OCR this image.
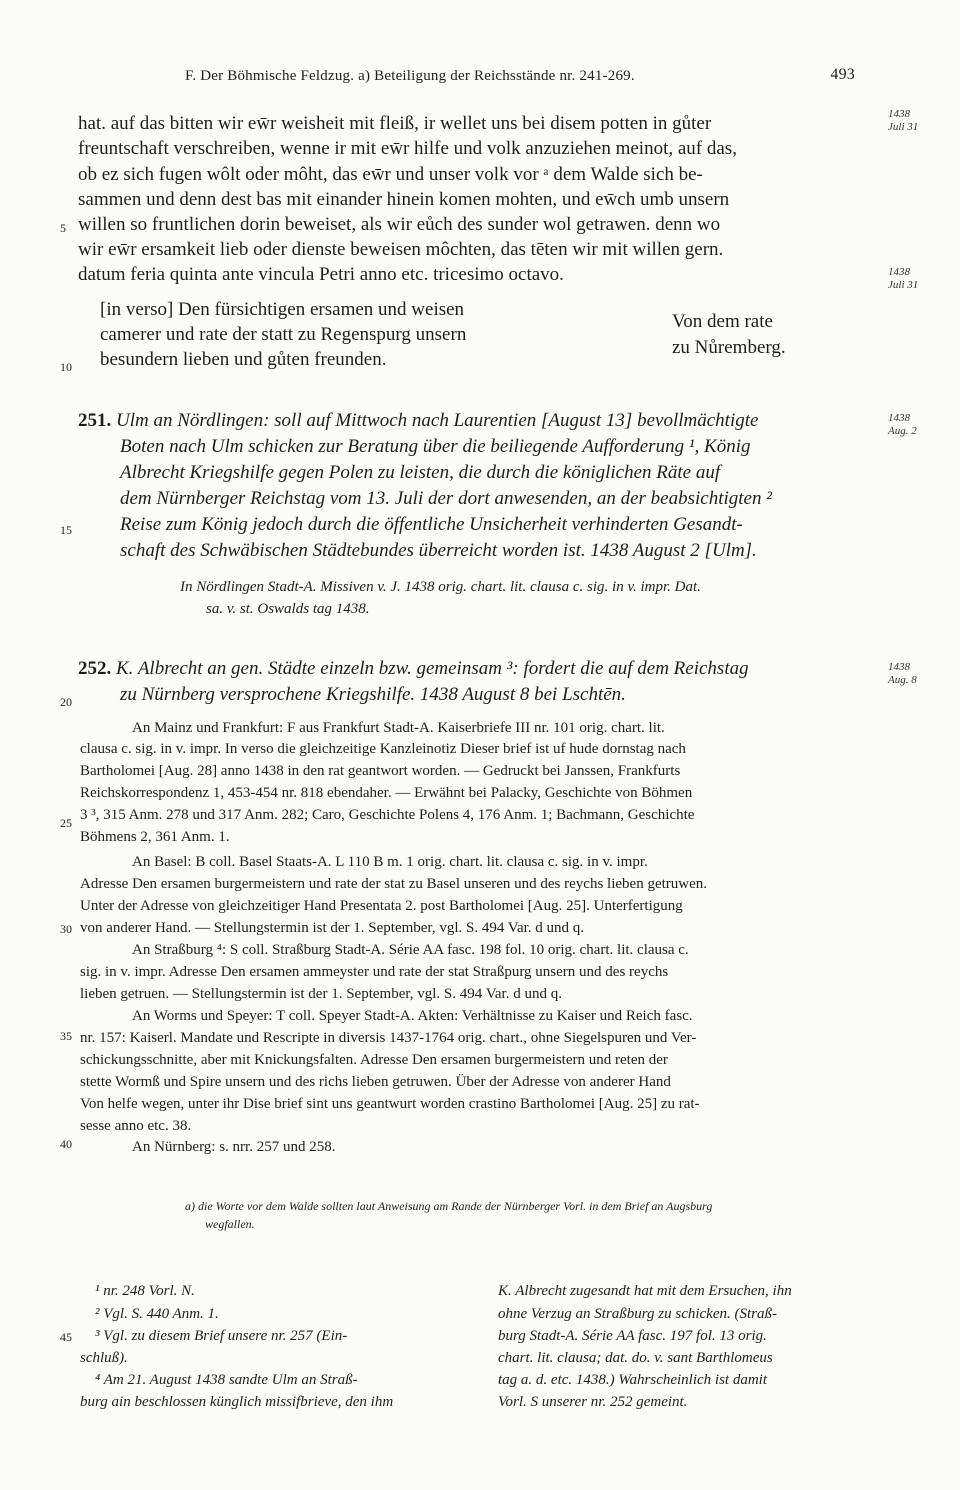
F. Der Böhmische Feldzug. a) Beteiligung der Reichsstände nr. 241-269.	493
hat. auf das bitten wir ew̄r weisheit mit fleiß, ir wellet uns bei disem potten in gůter
freuntschaft verschreiben, wenne ir mit ew̄r hilfe und volk anzuziehen meinot, auf das,
ob ez sich fugen wôlt oder môht, das ew̄r und unser volk vor ᵃ dem Walde sich be-
sammen und denn dest bas mit einander hinein komen mohten, und ew̄ch umb unsern
willen so fruntlichen dorin beweiset, als wir eůch des sunder wol getrawen. denn wo
wir ew̄r ersamkeit lieb oder dienste beweisen môchten, das tēten wir mit willen gern.
datum feria quinta ante vincula Petri anno etc. tricesimo octavo.
[in verso] Den fürsichtigen ersamen und weisen
camerer und rate der statt zu Regenspurg unsern
besundern lieben und gůten freunden.
Von dem rate
zu Nůremberg.
5
10
15
20
25
30
35
40
45
1438
Juli 31
1438
Juli 31
1438
Aug. 2
1438
Aug. 8
251. Ulm an Nördlingen: soll auf Mittwoch nach Laurentien [August 13] bevollmächtigte
Boten nach Ulm schicken zur Beratung über die beiliegende Aufforderung ¹, König
Albrecht Kriegshilfe gegen Polen zu leisten, die durch die königlichen Räte auf
dem Nürnberger Reichstag vom 13. Juli der dort anwesenden, an der beabsichtigten ²
Reise zum König jedoch durch die öffentliche Unsicherheit verhinderten Gesandt-
schaft des Schwäbischen Städtebundes überreicht worden ist. 1438 August 2 [Ulm].
In Nördlingen Stadt-A. Missiven v. J. 1438 orig. chart. lit. clausa c. sig. in v. impr. Dat.
sa. v. st. Oswalds tag 1438.
252. K. Albrecht an gen. Städte einzeln bzw. gemeinsam ³: fordert die auf dem Reichstag
zu Nürnberg versprochene Kriegshilfe. 1438 August 8 bei Lschtēn.
An Mainz und Frankfurt: F aus Frankfurt Stadt-A. Kaiserbriefe III nr. 101 orig. chart. lit.
clausa c. sig. in v. impr. In verso die gleichzeitige Kanzleinotiz Dieser brief ist uf hude dornstag nach
Bartholomei [Aug. 28] anno 1438 in den rat geantwort worden. — Gedruckt bei Janssen, Frankfurts
Reichskorrespondenz 1, 453-454 nr. 818 ebendaher. — Erwähnt bei Palacky, Geschichte von Böhmen
3 ³, 315 Anm. 278 und 317 Anm. 282; Caro, Geschichte Polens 4, 176 Anm. 1; Bachmann, Geschichte
Böhmens 2, 361 Anm. 1.
An Basel: B coll. Basel Staats-A. L 110 B m. 1 orig. chart. lit. clausa c. sig. in v. impr.
Adresse Den ersamen burgermeistern und rate der stat zu Basel unseren und des reychs lieben getruwen.
Unter der Adresse von gleichzeitiger Hand Presentata 2. post Bartholomei [Aug. 25]. Unterfertigung
von anderer Hand. — Stellungstermin ist der 1. September, vgl. S. 494 Var. d und q.
An Straßburg ⁴: S coll. Straßburg Stadt-A. Série AA fasc. 198 fol. 10 orig. chart. lit. clausa c.
sig. in v. impr. Adresse Den ersamen ammeyster und rate der stat Straßpurg unsern und des reychs
lieben getruen. — Stellungstermin ist der 1. September, vgl. S. 494 Var. d und q.
An Worms und Speyer: T coll. Speyer Stadt-A. Akten: Verhältnisse zu Kaiser und Reich fasc.
nr. 157: Kaiserl. Mandate und Rescripte in diversis 1437-1764 orig. chart., ohne Siegelspuren und Ver-
schickungsschnitte, aber mit Knickungsfalten. Adresse Den ersamen burgermeistern und reten der
stette Wormß und Spire unsern und des richs lieben getruwen. Über der Adresse von anderer Hand
Von helfe wegen, unter ihr Dise brief sint uns geantwurt worden crastino Bartholomei [Aug. 25] zu rat-
sesse anno etc. 38.
An Nürnberg: s. nrr. 257 und 258.
a) die Worte vor dem Walde sollten laut Anweisung am Rande der Nürnberger Vorl. in dem Brief an Augsburg
wegfallen.
¹ nr. 248 Vorl. N.
² Vgl. S. 440 Anm. 1.
³ Vgl. zu diesem Brief unsere nr. 257 (Ein-
schluß).
⁴ Am 21. August 1438 sandte Ulm an Straß-
burg ain beschlossen künglich missifbrieve, den ihm
K. Albrecht zugesandt hat mit dem Ersuchen, ihn
ohne Verzug an Straßburg zu schicken. (Straß-
burg Stadt-A. Série AA fasc. 197 fol. 13 orig.
chart. lit. clausa; dat. do. v. sant Barthlomeus
tag a. d. etc. 1438.) Wahrscheinlich ist damit
Vorl. S unserer nr. 252 gemeint.
